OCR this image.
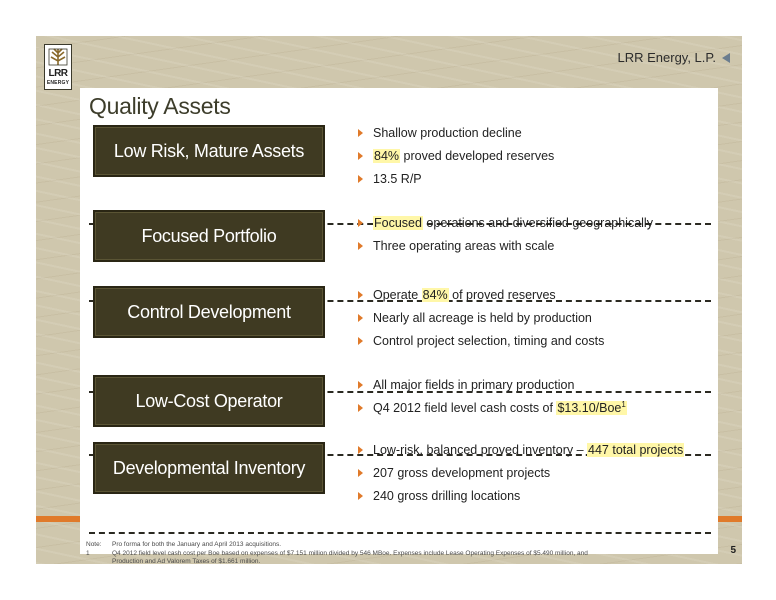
LRR
ENERGY
LRR Energy, L.P.
Quality Assets
Low Risk, Mature Assets
Shallow production decline
84% proved developed reserves
13.5 R/P
Focused Portfolio
Focused operations and diversified geographically
Three operating areas with scale
Control Development
Operate 84% of proved reserves
Nearly all acreage is held by production
Control project selection, timing and costs
Low-Cost Operator
All major fields in primary production
Q4 2012 field level cash costs of $13.10/Boe$^1$
Developmental Inventory
Low-risk, balanced proved inventory – 447 total projects
207 gross development projects
240 gross drilling locations
Note:	Pro forma for both the January and April 2013 acquisitions.
1	Q4 2012 field level cash cost per Boe based on expenses of $7.151 million divided by 546 MBoe. Expenses include Lease Operating Expenses of $5.490 million, and
Production and Ad Valorem Taxes of $1.661 million.
5
